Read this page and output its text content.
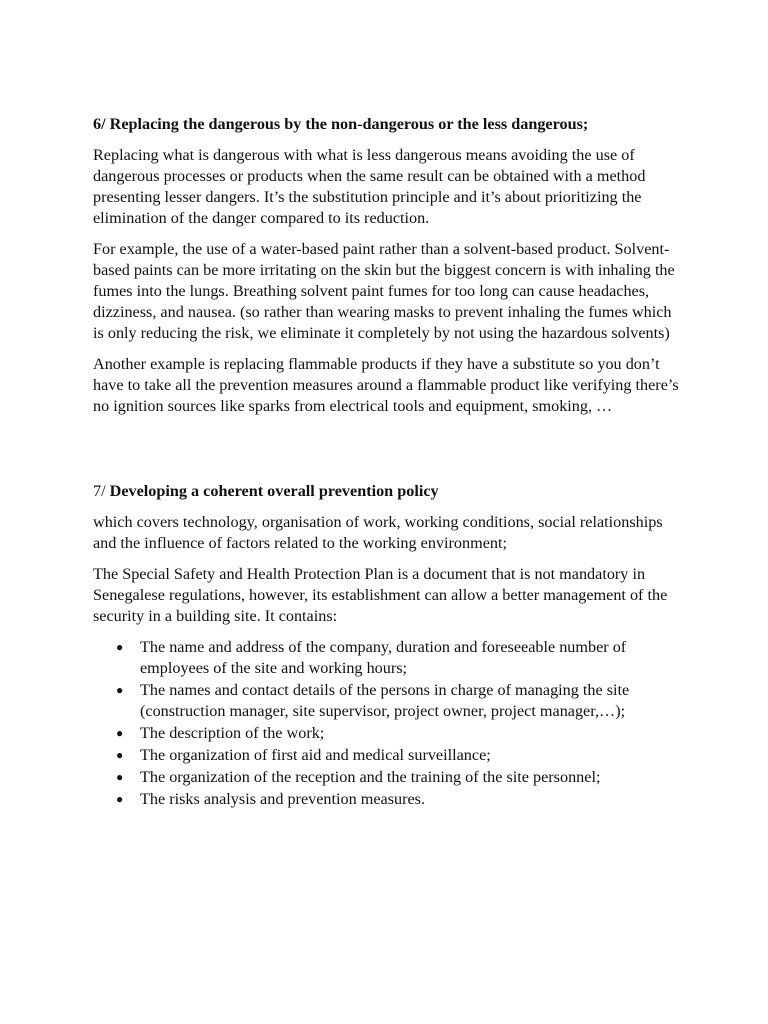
6/ Replacing the dangerous by the non-dangerous or the less dangerous;

Replacing what is dangerous with what is less dangerous means avoiding the use of dangerous processes or products when the same result can be obtained with a method presenting lesser dangers. It’s the substitution principle and it’s about prioritizing the elimination of the danger compared to its reduction.

For example, the use of a water-based paint rather than a solvent-based product. Solvent-based paints can be more irritating on the skin but the biggest concern is with inhaling the fumes into the lungs. Breathing solvent paint fumes for too long can cause headaches, dizziness, and nausea. (so rather than wearing masks to prevent inhaling the fumes which is only reducing the risk, we eliminate it completely by not using the hazardous solvents)

Another example is replacing flammable products if they have a substitute so you don’t have to take all the prevention measures around a flammable product like verifying there’s no ignition sources like sparks from electrical tools and equipment, smoking, …

7/ Developing a coherent overall prevention policy

which covers technology, organisation of work, working conditions, social relationships and the influence of factors related to the working environment;

The Special Safety and Health Protection Plan is a document that is not mandatory in Senegalese regulations, however, its establishment can allow a better management of the security in a building site. It contains:

● The name and address of the company, duration and foreseeable number of employees of the site and working hours;
● The names and contact details of the persons in charge of managing the site (construction manager, site supervisor, project owner, project manager,…);
● The description of the work;
● The organization of first aid and medical surveillance;
● The organization of the reception and the training of the site personnel;
● The risks analysis and prevention measures.
